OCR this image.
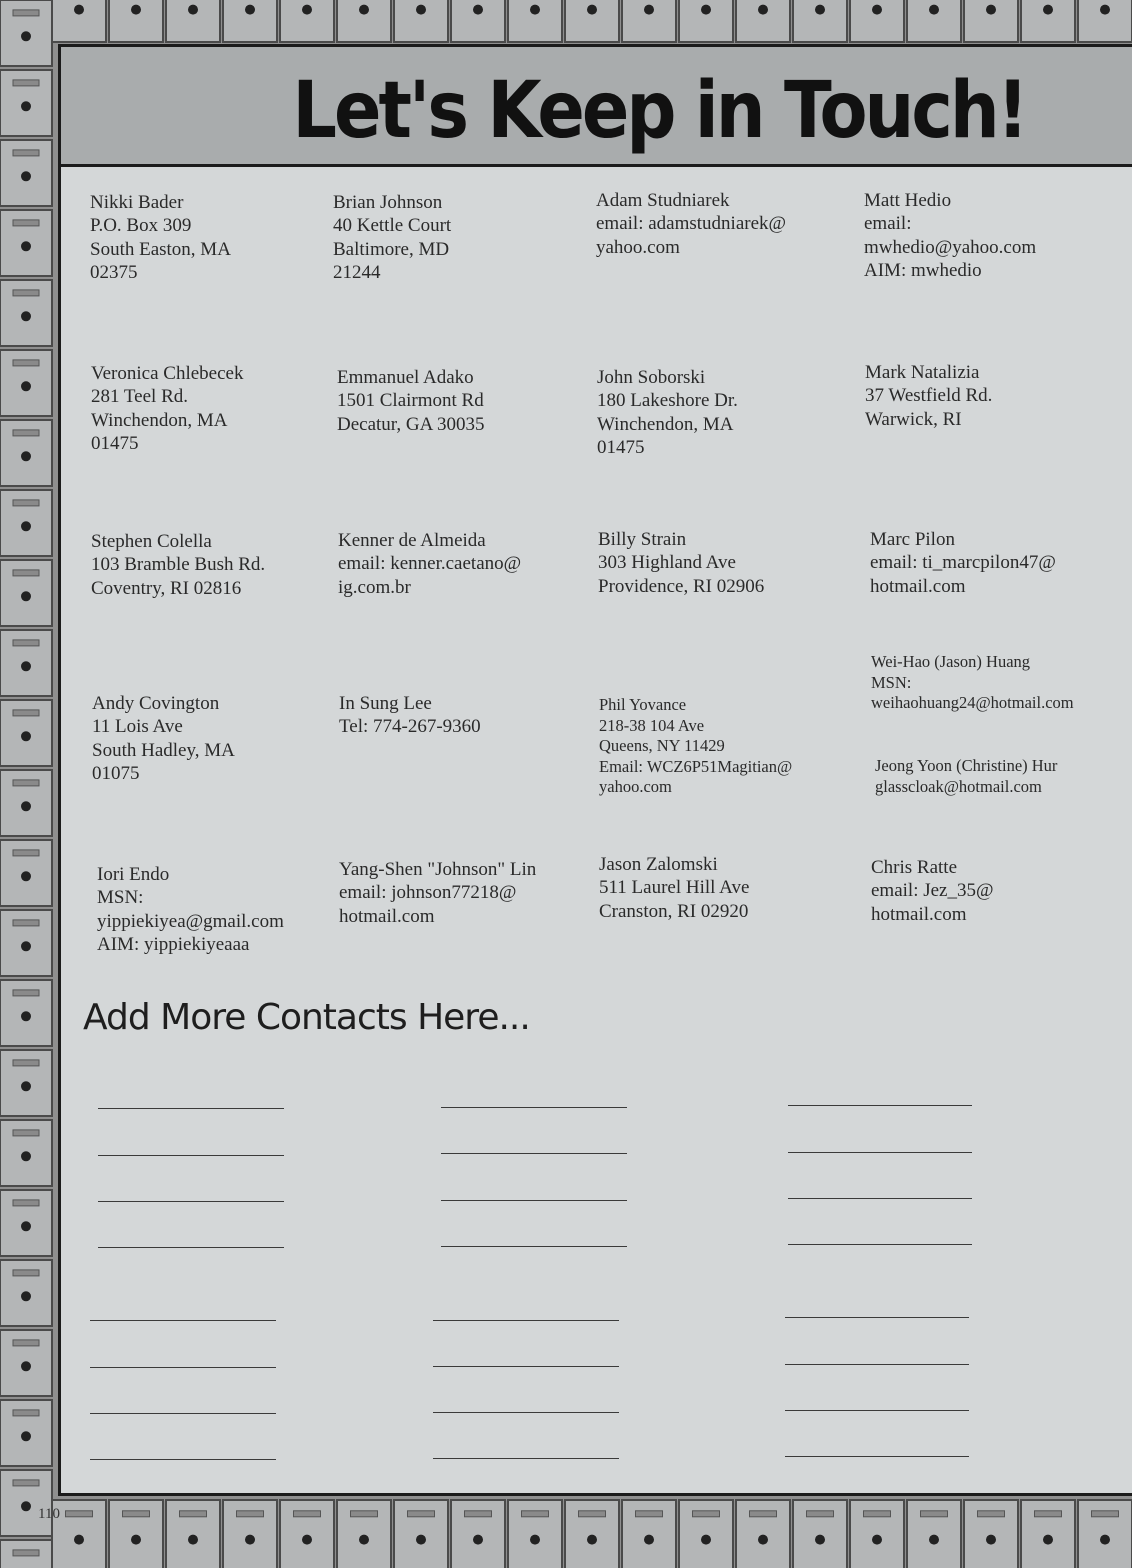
Let's Keep in Touch!
Nikki Bader
P.O. Box 309
South Easton, MA
02375
Brian Johnson
40 Kettle Court
Baltimore, MD
21244
Adam Studniarek
email: adamstudniarek@
yahoo.com
Matt Hedio
email:
mwhedio@yahoo.com
AIM: mwhedio
Veronica Chlebecek
281 Teel Rd.
Winchendon, MA
01475
Emmanuel Adako
1501 Clairmont Rd
Decatur, GA 30035
John Soborski
180 Lakeshore Dr.
Winchendon, MA
01475
Mark Natalizia
37 Westfield Rd.
Warwick, RI
Stephen Colella
103 Bramble Bush Rd.
Coventry, RI 02816
Kenner de Almeida
email: kenner.caetano@
ig.com.br
Billy Strain
303 Highland Ave
Providence, RI 02906
Marc Pilon
email: ti_marcpilon47@
hotmail.com
Andy Covington
11 Lois Ave
South Hadley, MA
01075
In Sung Lee
Tel: 774-267-9360
Phil Yovance
218-38 104 Ave
Queens, NY 11429
Email: WCZ6P51Magitian@
yahoo.com
Wei-Hao (Jason) Huang
MSN:
weihaohuang24@hotmail.com
Jeong Yoon (Christine) Hur
glasscloak@hotmail.com
Iori Endo
MSN:
yippiekiyea@gmail.com
AIM: yippiekiyeaaa
Yang-Shen "Johnson" Lin
email: johnson77218@
hotmail.com
Jason Zalomski
511 Laurel Hill Ave
Cranston, RI 02920
Chris Ratte
email: Jez_35@
hotmail.com
Add More Contacts Here...
110
